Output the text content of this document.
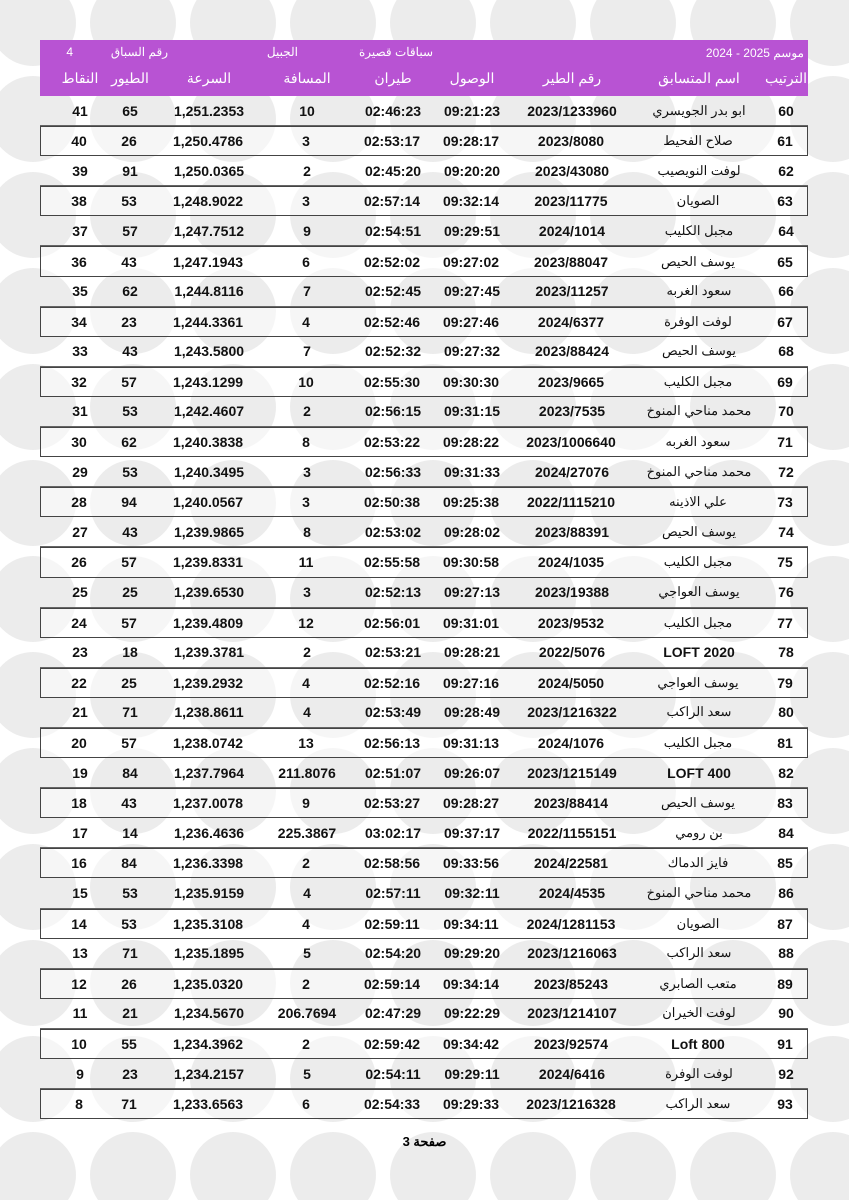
موسم 2025 - 2024
سباقات قصيرة
الجبيل
رقم السباق
4
الترتيب
اسم المتسابق
رقم الطير
الوصول
طيران
المسافة
السرعة
الطيور
النقاط
60
ابو بدر الجويسري
2023/1233960
09:21:23
02:46:23
10
1,251.2353
65
41
61
صلاح الفحيط
2023/8080
09:28:17
02:53:17
3
1,250.4786
26
40
62
لوفت النويصيب
2023/43080
09:20:20
02:45:20
2
1,250.0365
91
39
63
الصويان
2023/11775
09:32:14
02:57:14
3
1,248.9022
53
38
64
مجبل الكليب
2024/1014
09:29:51
02:54:51
9
1,247.7512
57
37
65
يوسف الحيص
2023/88047
09:27:02
02:52:02
6
1,247.1943
43
36
66
سعود الغربه
2023/11257
09:27:45
02:52:45
7
1,244.8116
62
35
67
لوفت الوفرة
2024/6377
09:27:46
02:52:46
4
1,244.3361
23
34
68
يوسف الحيص
2023/88424
09:27:32
02:52:32
7
1,243.5800
43
33
69
مجبل الكليب
2023/9665
09:30:30
02:55:30
10
1,243.1299
57
32
70
محمد مناحي المنوخ
2023/7535
09:31:15
02:56:15
2
1,242.4607
53
31
71
سعود الغربه
2023/1006640
09:28:22
02:53:22
8
1,240.3838
62
30
72
محمد مناحي المنوخ
2024/27076
09:31:33
02:56:33
3
1,240.3495
53
29
73
علي الاذينه
2022/1115210
09:25:38
02:50:38
3
1,240.0567
94
28
74
يوسف الحيص
2023/88391
09:28:02
02:53:02
8
1,239.9865
43
27
75
مجبل الكليب
2024/1035
09:30:58
02:55:58
11
1,239.8331
57
26
76
يوسف العواجي
2023/19388
09:27:13
02:52:13
3
1,239.6530
25
25
77
مجبل الكليب
2023/9532
09:31:01
02:56:01
12
1,239.4809
57
24
78
LOFT 2020
2022/5076
09:28:21
02:53:21
2
1,239.3781
18
23
79
يوسف العواجي
2024/5050
09:27:16
02:52:16
4
1,239.2932
25
22
80
سعد الراكب
2023/1216322
09:28:49
02:53:49
4
1,238.8611
71
21
81
مجبل الكليب
2024/1076
09:31:13
02:56:13
13
1,238.0742
57
20
82
LOFT 400
2023/1215149
09:26:07
02:51:07
211.8076
1,237.7964
84
19
83
يوسف الحيص
2023/88414
09:28:27
02:53:27
9
1,237.0078
43
18
84
بن رومي
2022/1155151
09:37:17
03:02:17
225.3867
1,236.4636
14
17
85
فايز الدماك
2024/22581
09:33:56
02:58:56
2
1,236.3398
84
16
86
محمد مناحي المنوخ
2024/4535
09:32:11
02:57:11
4
1,235.9159
53
15
87
الصويان
2024/1281153
09:34:11
02:59:11
4
1,235.3108
53
14
88
سعد الراكب
2023/1216063
09:29:20
02:54:20
5
1,235.1895
71
13
89
متعب الصابري
2023/85243
09:34:14
02:59:14
2
1,235.0320
26
12
90
لوفت الخيران
2023/1214107
09:22:29
02:47:29
206.7694
1,234.5670
21
11
91
Loft 800
2023/92574
09:34:42
02:59:42
2
1,234.3962
55
10
92
لوفت الوفرة
2024/6416
09:29:11
02:54:11
5
1,234.2157
23
9
93
سعد الراكب
2023/1216328
09:29:33
02:54:33
6
1,233.6563
71
8
صفحة 3
